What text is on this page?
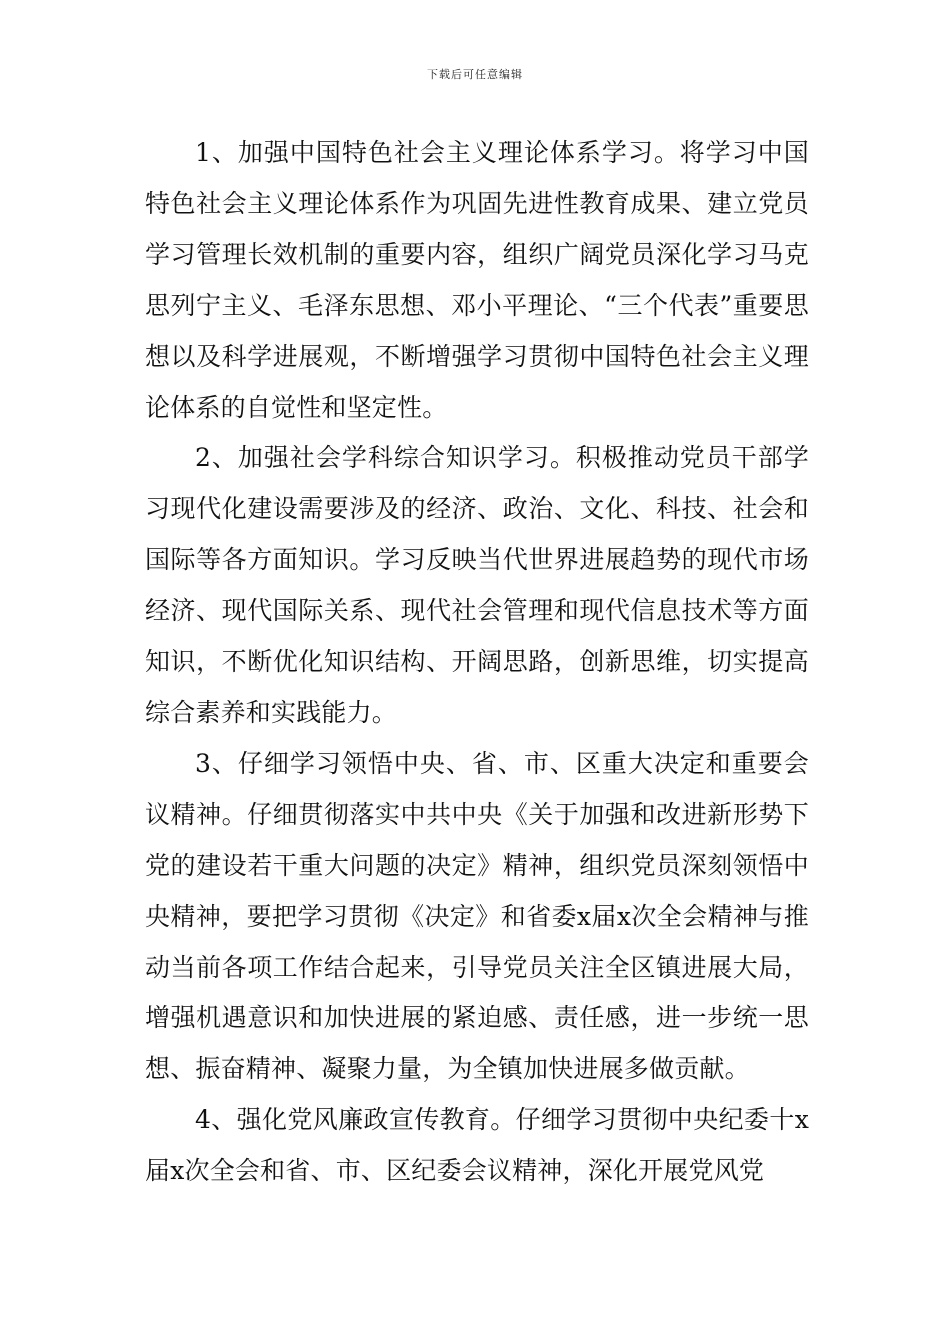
下载后可任意编辑

1、加强中国特色社会主义理论体系学习。将学习中国特色社会主义理论体系作为巩固先进性教育成果、建立党员学习管理长效机制的重要内容，组织广阔党员深化学习马克思列宁主义、毛泽东思想、邓小平理论、“三个代表”重要思想以及科学进展观，不断增强学习贯彻中国特色社会主义理论体系的自觉性和坚定性。

2、加强社会学科综合知识学习。积极推动党员干部学习现代化建设需要涉及的经济、政治、文化、科技、社会和国际等各方面知识。学习反映当代世界进展趋势的现代市场经济、现代国际关系、现代社会管理和现代信息技术等方面知识，不断优化知识结构、开阔思路，创新思维，切实提高综合素养和实践能力。

3、仔细学习领悟中央、省、市、区重大决定和重要会议精神。仔细贯彻落实中共中央《关于加强和改进新形势下党的建设若干重大问题的决定》精神，组织党员深刻领悟中央精神，要把学习贯彻《决定》和省委x届x次全会精神与推动当前各项工作结合起来，引导党员关注全区镇进展大局，增强机遇意识和加快进展的紧迫感、责任感，进一步统一思想、振奋精神、凝聚力量，为全镇加快进展多做贡献。

4、强化党风廉政宣传教育。仔细学习贯彻中央纪委十x届x次全会和省、市、区纪委会议精神，深化开展党风党
